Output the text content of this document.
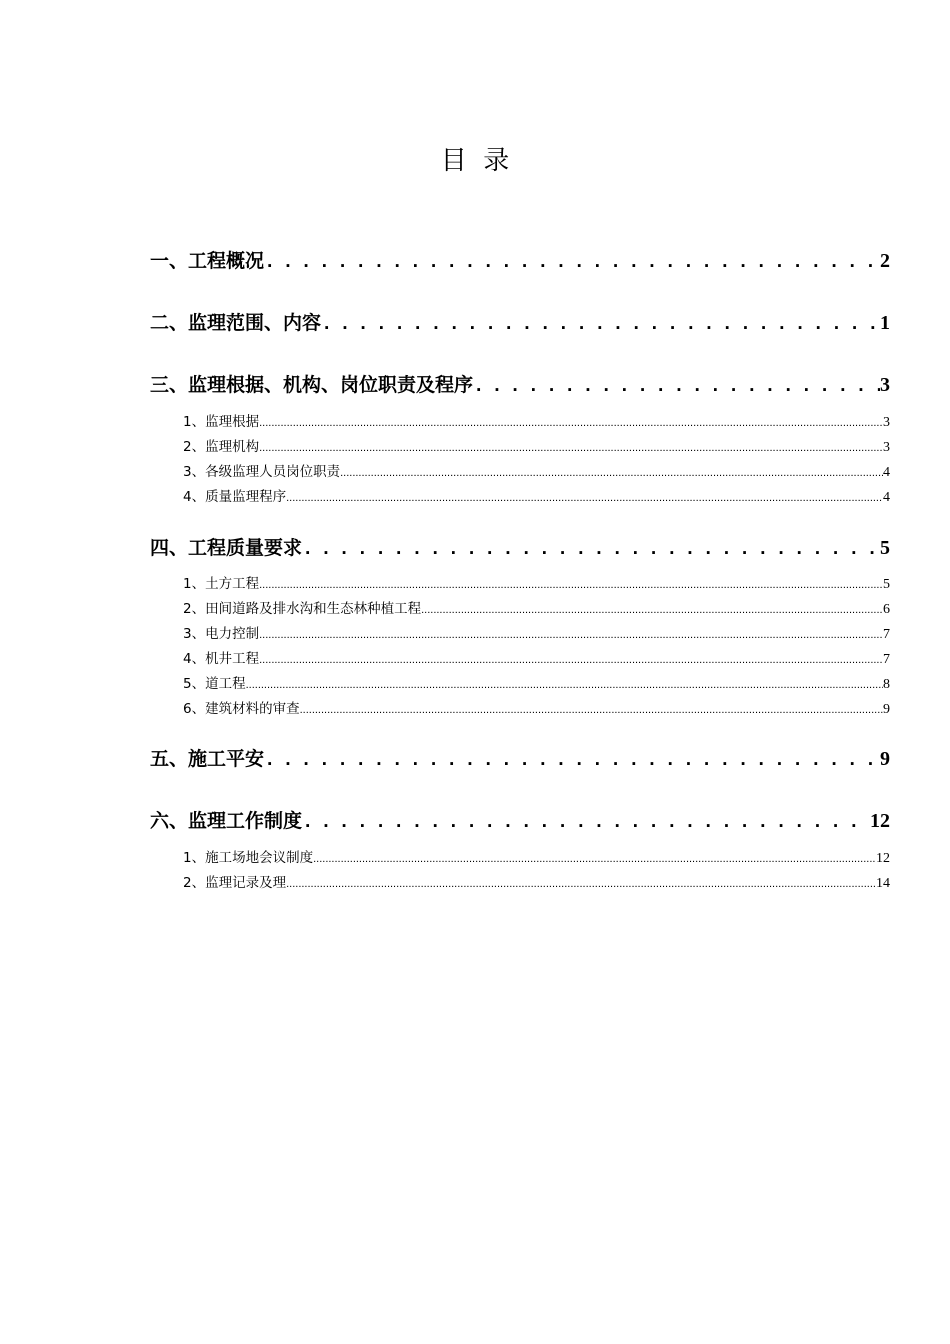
目  录
一、工程概况 . . .	2
二、监理范围、内容 . . .	1
三、监理根据、机构、岗位职责及程序 . . .	3
1、监理根据 .....	3
2、监理机构 .....	3
3、各级监理人员岗位职责 .....	4
4、质量监理程序 .....	4
四、工程质量要求 . . .	5
1、土方工程 .....	5
2、田间道路及排水沟和生态林种植工程 .....	6
3、电力控制 .....	7
4、机井工程 .....	7
5、道工程 .....	8
6、建筑材料的审查 .....	9
五、施工平安 . . .	9
六、监理工作制度 . . .	12
1、施工场地会议制度 .....	12
2、监理记录及理 .....	14
